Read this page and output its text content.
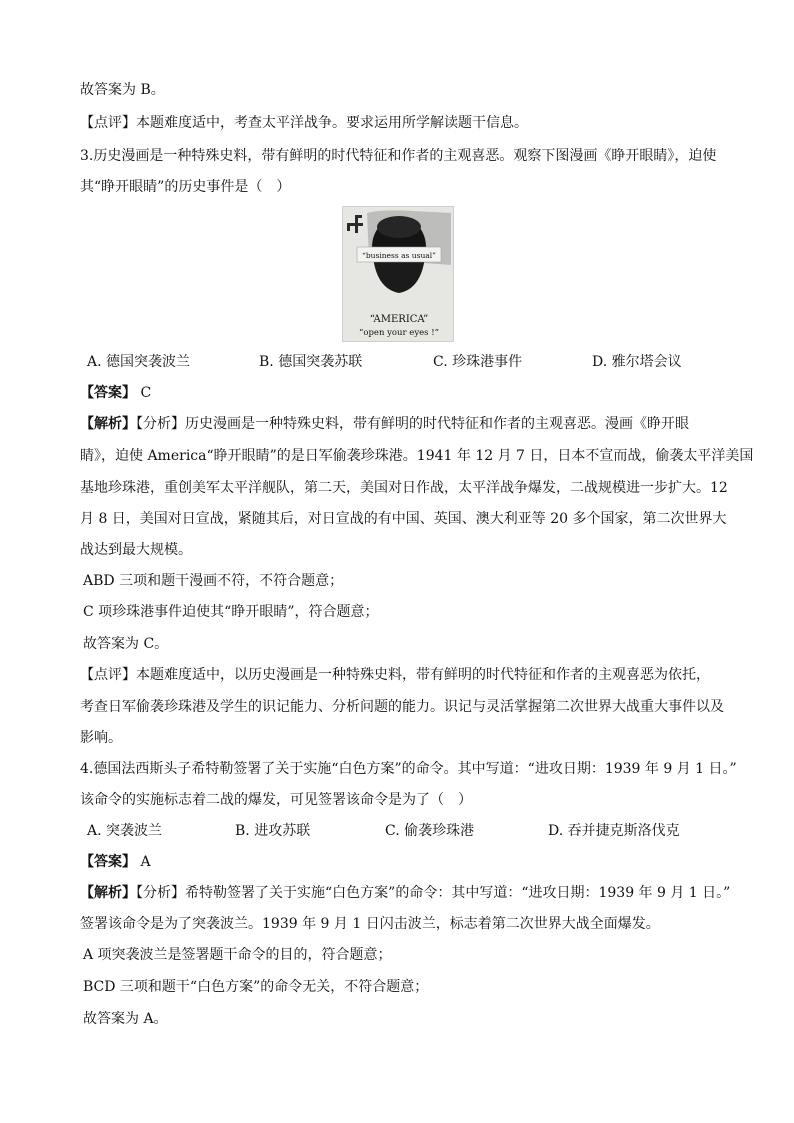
故答案为 B。
【点评】本题难度适中，考查太平洋战争。要求运用所学解读题干信息。
3.历史漫画是一种特殊史料，带有鲜明的时代特征和作者的主观喜恶。观察下图漫画《睁开眼睛》，迫使
其“睁开眼睛”的历史事件是（　）
“business as usual”
“AMERICA”
“open your eyes !”
A. 德国突袭波兰	B. 德国突袭苏联	C. 珍珠港事件	D. 雅尔塔会议
【答案】 C
【解析】【分析】历史漫画是一种特殊史料，带有鲜明的时代特征和作者的主观喜恶。漫画《睁开眼
睛》，迫使 America“睁开眼睛”的是日军偷袭珍珠港。1941 年 12 月 7 日，日本不宣而战，偷袭太平洋美国
基地珍珠港，重创美军太平洋舰队，第二天，美国对日作战，太平洋战争爆发，二战规模进一步扩大。12
月 8 日，美国对日宣战，紧随其后，对日宣战的有中国、英国、澳大利亚等 20 多个国家，第二次世界大
战达到最大规模。
ABD 三项和题干漫画不符，不符合题意；
C 项珍珠港事件迫使其“睁开眼睛”，符合题意；
故答案为 C。
【点评】本题难度适中，以历史漫画是一种特殊史料，带有鲜明的时代特征和作者的主观喜恶为依托，
考查日军偷袭珍珠港及学生的识记能力、分析问题的能力。识记与灵活掌握第二次世界大战重大事件以及
影响。
4.德国法西斯头子希特勒签署了关于实施“白色方案”的命令。其中写道：“进攻日期：1939 年 9 月 1 日。”
该命令的实施标志着二战的爆发，可见签署该命令是为了（　）
A. 突袭波兰	B. 进攻苏联	C. 偷袭珍珠港	D. 吞并捷克斯洛伐克
【答案】 A
【解析】【分析】希特勒签署了关于实施“白色方案”的命令：其中写道：“进攻日期：1939 年 9 月 1 日。”
签署该命令是为了突袭波兰。1939 年 9 月 1 日闪击波兰，标志着第二次世界大战全面爆发。
A 项突袭波兰是签署题干命令的目的，符合题意；
BCD 三项和题干“白色方案”的命令无关，不符合题意；
故答案为 A。
